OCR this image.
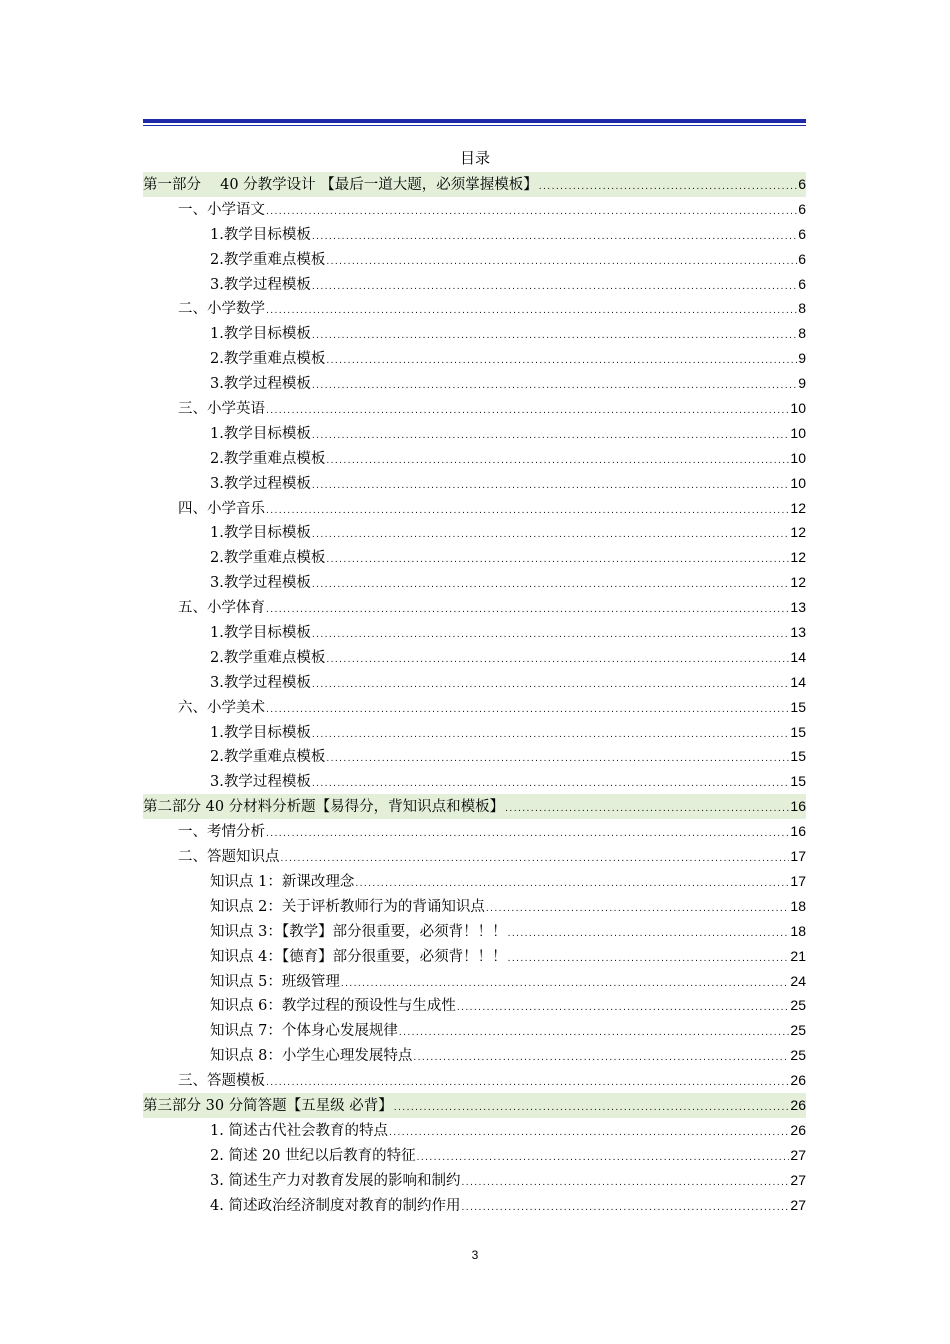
目录
第一部分　 40 分教学设计 【最后一道大题，必须掌握模板】 .....	6
一、小学语文 .....	6
1.教学目标模板 .....	6
2.教学重难点模板 .....	6
3.教学过程模板 .....	6
二、小学数学 .....	8
1.教学目标模板 .....	8
2.教学重难点模板 .....	9
3.教学过程模板 .....	9
三、小学英语 .....	10
1.教学目标模板 .....	10
2.教学重难点模板 .....	10
3.教学过程模板 .....	10
四、小学音乐 .....	12
1.教学目标模板 .....	12
2.教学重难点模板 .....	12
3.教学过程模板 .....	12
五、小学体育 .....	13
1.教学目标模板 .....	13
2.教学重难点模板 .....	14
3.教学过程模板 .....	14
六、小学美术 .....	15
1.教学目标模板 .....	15
2.教学重难点模板 .....	15
3.教学过程模板 .....	15
第二部分 40 分材料分析题【易得分，背知识点和模板】 .....	16
一、考情分析 .....	16
二、答题知识点 .....	17
知识点 1：新课改理念 .....	17
知识点 2：关于评析教师行为的背诵知识点 .....	18
知识点 3：【教学】部分很重要，必须背！！！ .....	18
知识点 4：【德育】部分很重要，必须背！！！ .....	21
知识点 5：班级管理 .....	24
知识点 6：教学过程的预设性与生成性 .....	25
知识点 7：个体身心发展规律 .....	25
知识点 8：小学生心理发展特点 .....	25
三、答题模板 .....	26
第三部分 30 分简答题【五星级 必背】 .....	26
1. 简述古代社会教育的特点 .....	26
2. 简述 20 世纪以后教育的特征 .....	27
3. 简述生产力对教育发展的影响和制约 .....	27
4. 简述政治经济制度对教育的制约作用 .....	27
3
